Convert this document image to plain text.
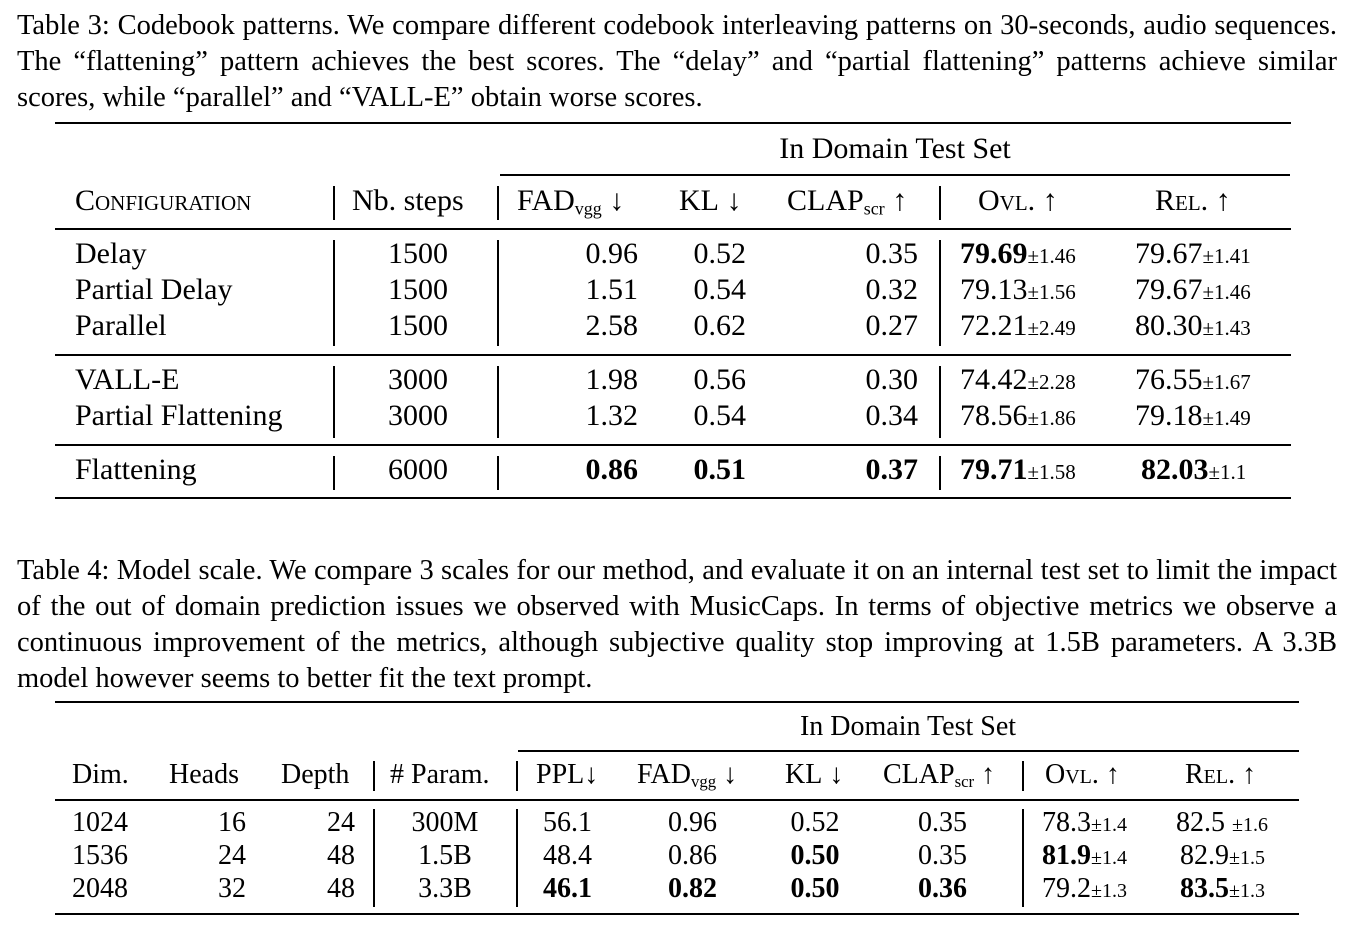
Table 3: Codebook patterns. We compare different codebook interleaving patterns on 30-seconds, audio sequences. The “flattening” pattern achieves the best scores. The “delay” and “partial flattening” patterns achieve similar scores, while “parallel” and “VALL-E” obtain worse scores.
In Domain Test Set
Configuration	Nb. steps $FAD_{vgg}$ ↓ KL ↓ $CLAP_{scr}$ ↑ Ovl. ↑	Rel. ↑
Delay	1500	0.96	0.52	0.35 79.69±1.46 79.67±1.41
Partial Delay	1500	1.51	0.54	0.32 79.13±1.56 79.67±1.46
Parallel	1500	2.58	0.62	0.27 72.21±2.49 80.30±1.43
VALL-E	3000	1.98	0.56	0.30 74.42±2.28 76.55±1.67
Partial Flattening	3000	1.32	0.54	0.34 78.56±1.86 79.18±1.49
Flattening	6000	0.86	0.51	0.37 79.71±1.58 82.03±1.1
Table 4: Model scale. We compare 3 scales for our method, and evaluate it on an internal test set to limit the impact of the out of domain prediction issues we observed with MusicCaps. In terms of objective metrics we observe a continuous improvement of the metrics, although subjective quality stop improving at 1.5B parameters. A 3.3B model however seems to better fit the text prompt.
In Domain Test Set
Dim. Heads Depth # Param. PPL↓ $FAD_{vgg}$ ↓ KL ↓ $CLAP_{scr}$ ↑ Ovl. ↑ Rel. ↑
1024	16	24	300M	56.1	0.96	0.52	0.35	78.3±1.4 82.5 ±1.6
1536	24	48	1.5B	48.4	0.86	0.50	0.35	81.9±1.4 82.9±1.5
2048	32	48	3.3B	46.1	0.82	0.50	0.36	79.2±1.3 83.5±1.3
